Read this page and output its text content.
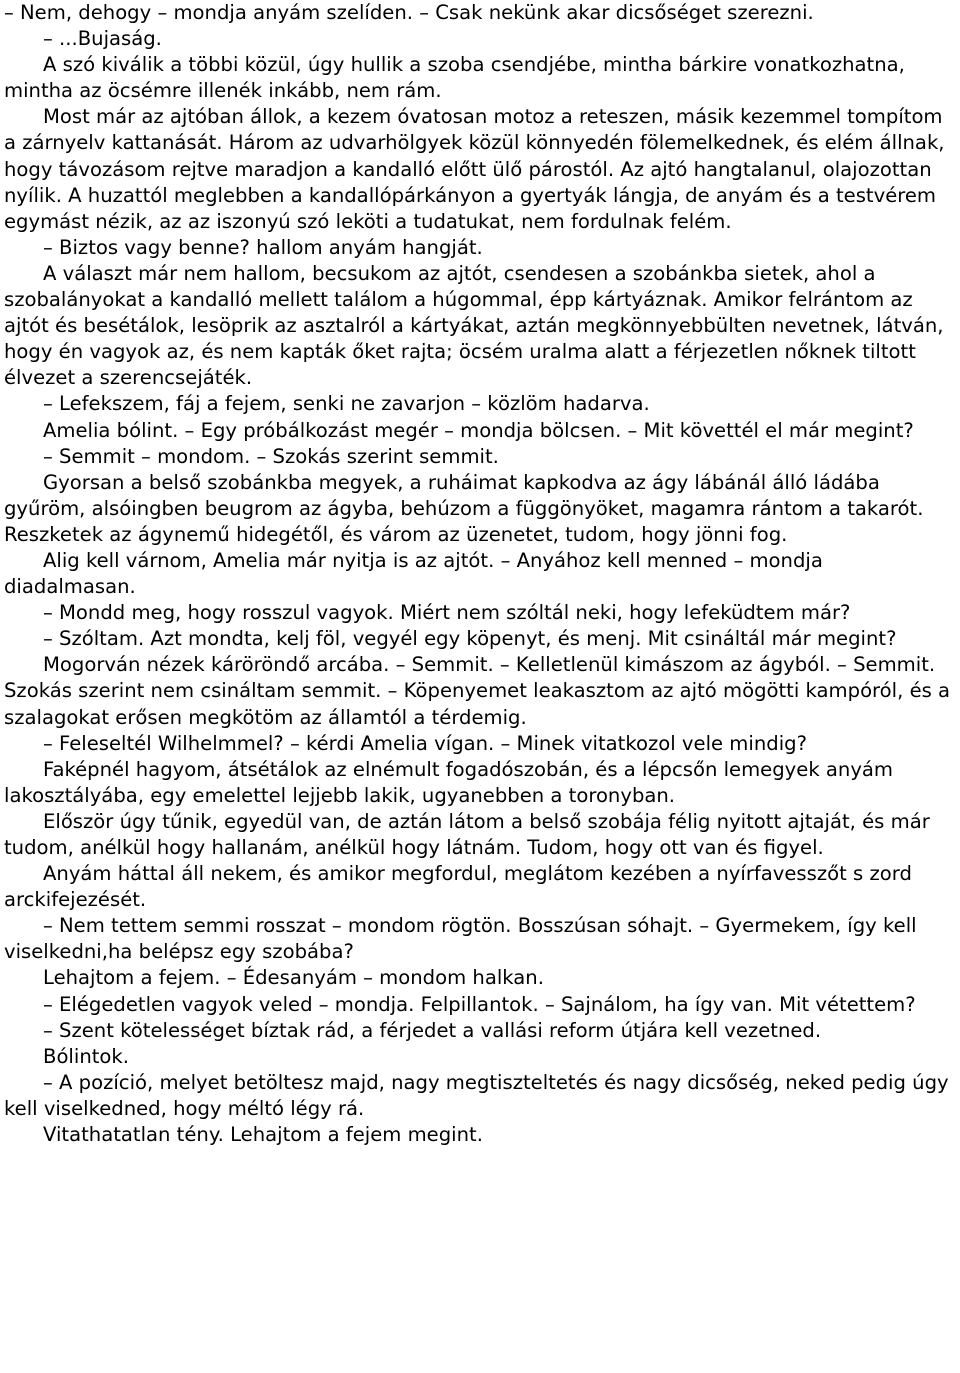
– Nem, dehogy – mondja anyám szelíden. – Csak nekünk akar dicsőséget szerezni.

– ...Bujaság.

A szó kiválik a többi közül, úgy hullik a szoba csendjébe, mintha bárkire vonatkozhatna, mintha az öcsémre illenék inkább, nem rám.

Most már az ajtóban állok, a kezem óvatosan motoz a reteszen, másik kezemmel tompítom a zárnyelv kattanását. Három az udvarhölgyek közül könnyedén fölemelkednek, és elém állnak, hogy távozásom rejtve maradjon a kandalló előtt ülő párostól. Az ajtó hangtalanul, olajozottan nyílik. A huzattól meglebben a kandallópárkányon a gyertyák lángja, de anyám és a testvérem egymást nézik, az az iszonyú szó leköti a tudatukat, nem fordulnak felém.

– Biztos vagy benne? hallom anyám hangját.

A választ már nem hallom, becsukom az ajtót, csendesen a szobánkba sietek, ahol a szobalányokat a kandalló mellett találom a húgommal, épp kártyáznak. Amikor felrántom az ajtót és besétálok, lesöprik az asztalról a kártyákat, aztán megkönnyebbülten nevetnek, látván, hogy én vagyok az, és nem kapták őket rajta; öcsém uralma alatt a férjezetlen nőknek tiltott élvezet a szerencsejáték.

– Lefekszem, fáj a fejem, senki ne zavarjon – közlöm hadarva.

Amelia bólint. – Egy próbálkozást megér – mondja bölcsen. – Mit követtél el már megint?

– Semmit – mondom. – Szokás szerint semmit.

Gyorsan a belső szobánkba megyek, a ruháimat kapkodva az ágy lábánál álló ládába gyűröm, alsóingben beugrom az ágyba, behúzom a függönyöket, magamra rántom a takarót. Reszketek az ágynemű hidegétől, és várom az üzenetet, tudom, hogy jönni fog.

Alig kell várnom, Amelia már nyitja is az ajtót. – Anyához kell menned – mondja diadalmasan.

– Mondd meg, hogy rosszul vagyok. Miért nem szóltál neki, hogy lefeküdtem már?

– Szóltam. Azt mondta, kelj föl, vegyél egy köpenyt, és menj. Mit csináltál már megint?

Mogorván nézek káröröndő arcába. – Semmit. – Kelletlenül kimászom az ágyból. – Semmit. Szokás szerint nem csináltam semmit. – Köpenyemet leakasztom az ajtó mögötti kampóról, és a szalagokat erősen megkötöm az államtól a térdemig.

– Feleseltél Wilhelmmel? – kérdi Amelia vígan. – Minek vitatkozol vele mindig?

Faképnél hagyom, átsétálok az elnémult fogadószobán, és a lépcsőn lemegyek anyám lakosztályába, egy emelettel lejjebb lakik, ugyanebben a toronyban.

Először úgy tűnik, egyedül van, de aztán látom a belső szobája félig nyitott ajtaját, és már tudom, anélkül hogy hallanám, anélkül hogy látnám. Tudom, hogy ott van és figyel.

Anyám háttal áll nekem, és amikor megfordul, meglátom kezében a nyírfavesszőt s zord arckifejezését.

– Nem tettem semmi rosszat – mondom rögtön. Bosszúsan sóhajt. – Gyermekem, így kell viselkedni,ha belépsz egy szobába?

Lehajtom a fejem. – Édesanyám – mondom halkan.

– Elégedetlen vagyok veled – mondja. Felpillantok. – Sajnálom, ha így van. Mit vétettem?

– Szent kötelességet bíztak rád, a férjedet a vallási reform útjára kell vezetned.

Bólintok.

– A pozíció, melyet betöltesz majd, nagy megtiszteltetés és nagy dicsőség, neked pedig úgy kell viselkedned, hogy méltó légy rá.

Vitathatatlan tény. Lehajtom a fejem megint.
